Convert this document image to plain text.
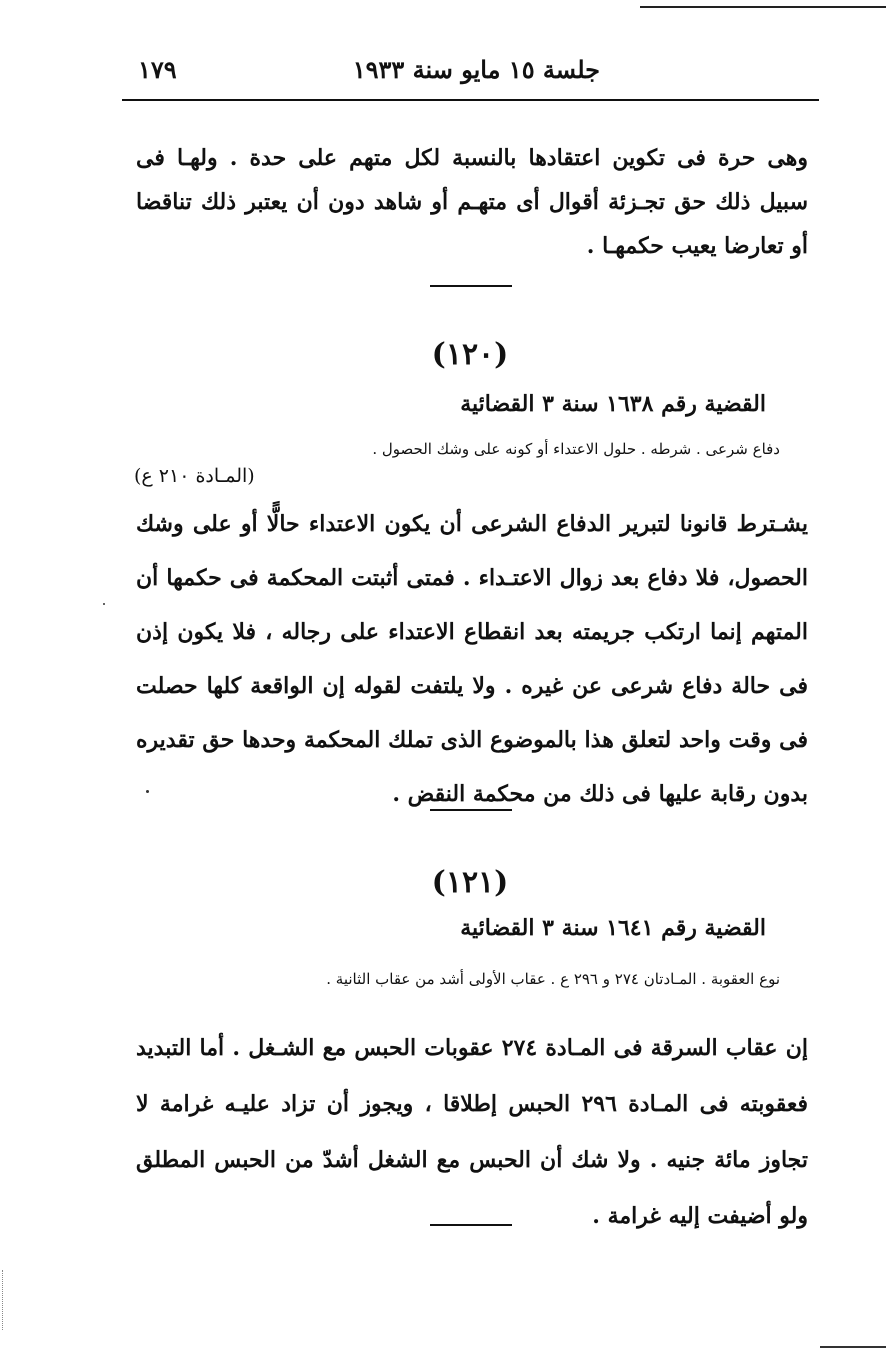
جلسة ١٥ مايو سنة ١٩٣٣
١٧٩
وهى حرة فى تكوين اعتقادها بالنسبة لكل متهم على حدة . ولهـا فى سبيل ذلك حق تجـزئة أقوال أى متهـم أو شاهد دون أن يعتبر ذلك تناقضا أو تعارضا يعيب حكمهـا .
(١٢٠)
القضية رقم ١٦٣٨ سنة ٣ القضائية
دفاع شرعى . شرطه . حلول الاعتداء أو كونه على وشك الحصول .
(المـادة ٢١٠ ع)
يشـترط قانونا لتبرير الدفاع الشرعى أن يكون الاعتداء حالًّا أو على وشك الحصول، فلا دفاع بعد زوال الاعتـداء . فمتى أثبتت المحكمة فى حكمها أن المتهم إنما ارتكب جريمته بعد انقطاع الاعتداء على رجاله ، فلا يكون إذن فى حالة دفاع شرعى عن غيره . ولا يلتفت لقوله إن الواقعة كلها حصلت فى وقت واحد لتعلق هذا بالموضوع الذى تملك المحكمة وحدها حق تقديره بدون رقابة عليها فى ذلك من محكمة النقض .
(١٢١)
القضية رقم ١٦٤١ سنة ٣ القضائية
نوع العقوبة . المـادتان ٢٧٤ و ٢٩٦ ع . عقاب الأولى أشد من عقاب الثانية .
إن عقاب السرقة فى المـادة ٢٧٤ عقوبات الحبس مع الشـغل . أما التبديد فعقوبته فى المـادة ٢٩٦ الحبس إطلاقا ، ويجوز أن تزاد عليـه غرامة لا تجاوز مائة جنيه . ولا شك أن الحبس مع الشغل أشدّ من الحبس المطلق ولو أضيفت إليه غرامة .
